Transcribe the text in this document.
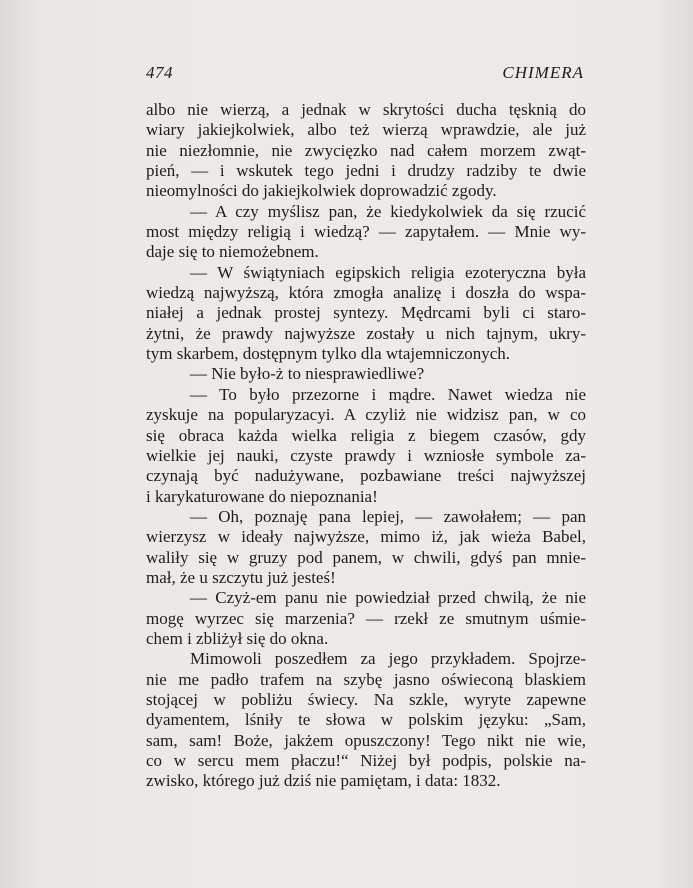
474	CHIMERA
albo nie wierzą, a jednak w skrytości ducha tęsknią do
wiary jakiejkolwiek, albo też wierzą wprawdzie, ale już
nie niezłomnie, nie zwycięzko nad całem morzem zwąt-
pień, — i wskutek tego jedni i drudzy radziby te dwie
nieomylności do jakiejkolwiek doprowadzić zgody.
— A czy myślisz pan, że kiedykolwiek da się rzucić
most między religią i wiedzą? — zapytałem. — Mnie wy-
daje się to niemożebnem.
— W świątyniach egipskich religia ezoteryczna była
wiedzą najwyższą, która zmogła analizę i doszła do wspa-
niałej a jednak prostej syntezy. Mędrcami byli ci staro-
żytni, że prawdy najwyższe zostały u nich tajnym, ukry-
tym skarbem, dostępnym tylko dla wtajemniczonych.
— Nie było-ż to niesprawiedliwe?
— To było przezorne i mądre. Nawet wiedza nie
zyskuje na popularyzacyi. A czyliż nie widzisz pan, w co
się obraca każda wielka religia z biegem czasów, gdy
wielkie jej nauki, czyste prawdy i wzniosłe symbole za-
czynają być nadużywane, pozbawiane treści najwyższej
i karykaturowane do niepoznania!
— Oh, poznaję pana lepiej, — zawołałem; — pan
wierzysz w ideały najwyższe, mimo iż, jak wieża Babel,
waliły się w gruzy pod panem, w chwili, gdyś pan mnie-
mał, że u szczytu już jesteś!
— Czyż-em panu nie powiedział przed chwilą, że nie
mogę wyrzec się marzenia? — rzekł ze smutnym uśmie-
chem i zbliżył się do okna.
Mimowoli poszedłem za jego przykładem. Spojrze-
nie me padło trafem na szybę jasno oświeconą blaskiem
stojącej w pobliżu świecy. Na szkle, wyryte zapewne
dyamentem, lśniły te słowa w polskim języku: „Sam,
sam, sam! Boże, jakżem opuszczony! Tego nikt nie wie,
co w sercu mem płaczu!“ Niżej był podpis, polskie na-
zwisko, którego już dziś nie pamiętam, i data: 1832.
